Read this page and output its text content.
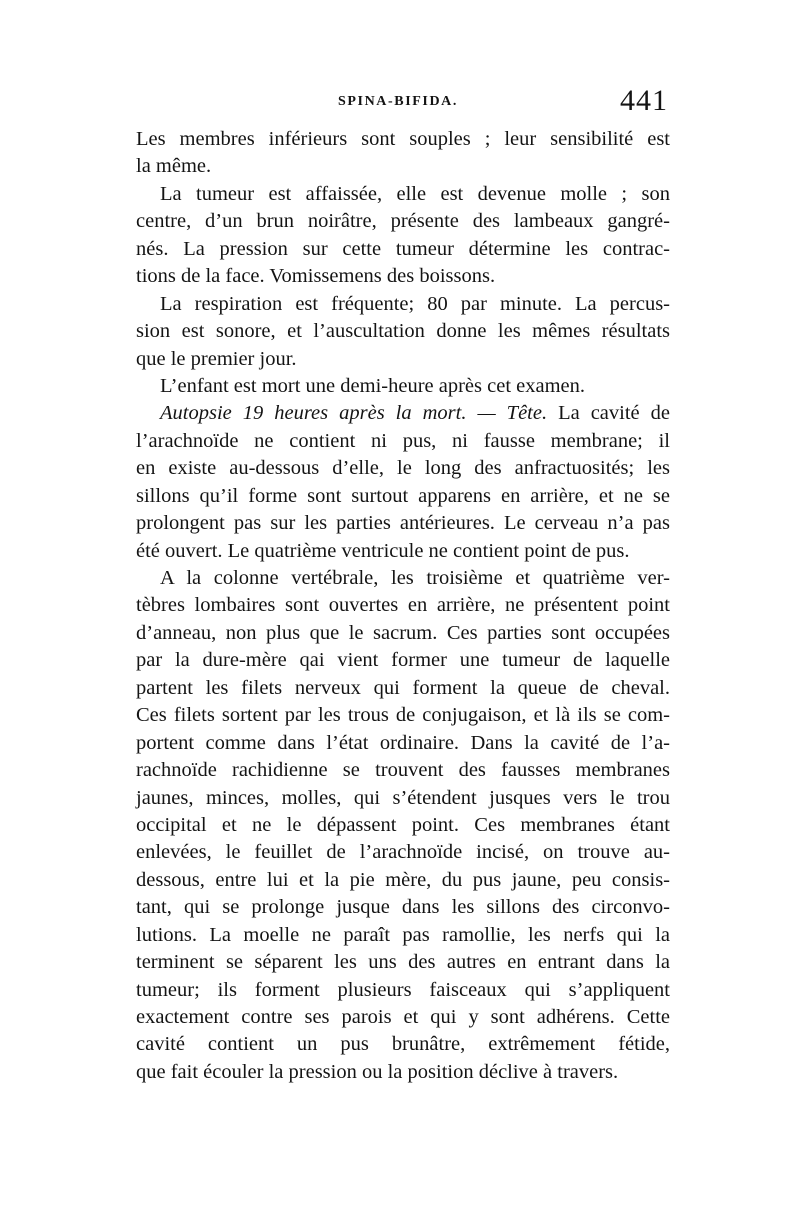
SPINA-BIFIDA.	441
Les membres inférieurs sont souples ; leur sensibilité est
la même.
La tumeur est affaissée, elle est devenue molle ; son
centre, d’un brun noirâtre, présente des lambeaux gangré-
nés. La pression sur cette tumeur détermine les contrac-
tions de la face. Vomissemens des boissons.
La respiration est fréquente; 80 par minute. La percus-
sion est sonore, et l’auscultation donne les mêmes résultats
que le premier jour.
L’enfant est mort une demi-heure après cet examen.
Autopsie 19 heures après la mort. — Tête. La cavité de
l’arachnoïde ne contient ni pus, ni fausse membrane; il
en existe au-dessous d’elle, le long des anfractuosités; les
sillons qu’il forme sont surtout apparens en arrière, et ne se
prolongent pas sur les parties antérieures. Le cerveau n’a pas
été ouvert. Le quatrième ventricule ne contient point de pus.
A la colonne vertébrale, les troisième et quatrième ver-
tèbres lombaires sont ouvertes en arrière, ne présentent point
d’anneau, non plus que le sacrum. Ces parties sont occupées
par la dure-mère qai vient former une tumeur de laquelle
partent les filets nerveux qui forment la queue de cheval.
Ces filets sortent par les trous de conjugaison, et là ils se com-
portent comme dans l’état ordinaire. Dans la cavité de l’a-
rachnoïde rachidienne se trouvent des fausses membranes
jaunes, minces, molles, qui s’étendent jusques vers le trou
occipital et ne le dépassent point. Ces membranes étant
enlevées, le feuillet de l’arachnoïde incisé, on trouve au-
dessous, entre lui et la pie mère, du pus jaune, peu consis-
tant, qui se prolonge jusque dans les sillons des circonvo-
lutions. La moelle ne paraît pas ramollie, les nerfs qui la
terminent se séparent les uns des autres en entrant dans la
tumeur; ils forment plusieurs faisceaux qui s’appliquent
exactement contre ses parois et qui y sont adhérens. Cette
cavité contient un pus brunâtre, extrêmement fétide,
que fait écouler la pression ou la position déclive à travers.
